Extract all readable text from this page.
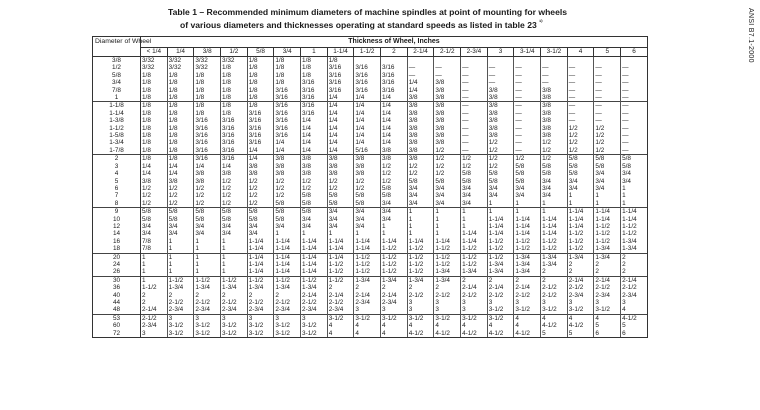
Table 1 – Recommended minimum diameters of machine spindles at point of mounting for wheels
of various diameters and thicknesses operating at standard speeds as listed in table 23 $^{^{1)}}$	ANSI B7.1-2000
Diameter of Wheel	Thickness of Wheel, Inches																		
	< 1/4	1/4	3/8	1/2	5/8	3/4	1	1-1/4	1-1/2	2	2-1/4	2-1/2	2-3/4	3	3-1/4	3-1/2	4	5	6
3/8	3/32	3/32	3/32	3/32	1/8	1/8	1/8	1/8											
1/2	3/32	3/32	3/32	1/8	1/8	1/8	1/8	3/16	3/16	3/16	—	—	—	—	—	—	—	—	—
5/8	1/8	1/8	1/8	1/8	1/8	1/8	1/8	3/16	3/16	3/16	—	—	—	—	—	—	—	—	—
3/4	1/8	1/8	1/8	1/8	1/8	1/8	3/16	3/16	3/16	3/16	1/4	3/8	—	—	—	—	—	—	—
7/8	1/8	1/8	1/8	1/8	1/8	3/16	3/16	3/16	3/16	3/16	1/4	3/8	—	3/8	—	3/8	—	—	—
1	1/8	1/8	1/8	1/8	1/8	3/16	3/16	1/4	1/4	1/4	3/8	3/8	—	3/8	—	3/8	—	—	—
1-1/8	1/8	1/8	1/8	1/8	1/8	3/16	3/16	1/4	1/4	1/4	3/8	3/8	—	3/8	—	3/8	—	—	—
1-1/4	1/8	1/8	1/8	1/8	3/16	3/16	3/16	1/4	1/4	1/4	3/8	3/8	—	3/8	—	3/8	—	—	—
1-3/8	1/8	1/8	3/16	3/16	3/16	3/16	1/4	1/4	1/4	1/4	3/8	3/8	—	3/8	—	3/8	—	—	—
1-1/2	1/8	1/8	3/16	3/16	3/16	3/16	1/4	1/4	1/4	1/4	3/8	3/8	—	3/8	—	3/8	1/2	1/2	—
1-5/8	1/8	1/8	3/16	3/16	3/16	3/16	1/4	1/4	1/4	1/4	3/8	3/8	—	3/8	—	3/8	1/2	1/2	—
1-3/4	1/8	1/8	3/16	3/16	3/16	1/4	1/4	1/4	1/4	1/4	3/8	3/8	—	1/2	—	1/2	1/2	1/2	—
1-7/8	1/8	1/8	3/16	3/16	1/4	1/4	1/4	1/4	5/16	3/8	3/8	1/2	—	1/2	—	1/2	1/2	1/2	—
2	1/8	1/8	3/16	3/16	1/4	3/8	3/8	3/8	3/8	3/8	3/8	1/2	1/2	1/2	1/2	1/2	5/8	5/8	5/8
3	1/4	1/4	1/4	1/4	3/8	3/8	3/8	3/8	3/8	1/2	1/2	1/2	1/2	1/2	5/8	5/8	5/8	5/8	5/8
4	1/4	1/4	3/8	3/8	3/8	3/8	3/8	3/8	3/8	1/2	1/2	1/2	5/8	5/8	5/8	5/8	5/8	3/4	3/4
5	3/8	3/8	3/8	1/2	1/2	1/2	1/2	1/2	1/2	1/2	5/8	5/8	5/8	5/8	5/8	3/4	3/4	3/4	3/4
6	1/2	1/2	1/2	1/2	1/2	1/2	1/2	1/2	1/2	5/8	3/4	3/4	3/4	3/4	3/4	3/4	3/4	3/4	1
7	1/2	1/2	1/2	1/2	1/2	1/2	5/8	5/8	5/8	5/8	3/4	3/4	3/4	3/4	3/4	3/4	1	1	1
8	1/2	1/2	1/2	1/2	1/2	5/8	5/8	5/8	5/8	3/4	3/4	3/4	3/4	1	1	1	1	1	1
9	5/8	5/8	5/8	5/8	5/8	5/8	5/8	3/4	3/4	3/4	1	1	1	1	1	1	1-1/4	1-1/4	1-1/4
10	5/8	5/8	5/8	5/8	5/8	5/8	3/4	3/4	3/4	3/4	1	1	1	1-1/4	1-1/4	1-1/4	1-1/4	1-1/4	1-1/4
12	3/4	3/4	3/4	3/4	3/4	3/4	3/4	3/4	3/4	1	1	1	1	1-1/4	1-1/4	1-1/4	1-1/4	1-1/2	1-1/2
14	3/4	3/4	3/4	3/4	3/4	1	1	1	1	1	1	1	1-1/4	1-1/4	1-1/4	1-1/4	1-1/2	1-1/2	1-1/2
16	7/8	1	1	1	1-1/4	1-1/4	1-1/4	1-1/4	1-1/4	1-1/4	1-1/4	1-1/4	1-1/4	1-1/2	1-1/2	1-1/2	1-1/2	1-1/2	1-3/4
18	7/8	1	1	1	1-1/4	1-1/4	1-1/4	1-1/4	1-1/4	1-1/2	1-1/2	1-1/2	1-1/2	1-1/2	1-1/2	1-1/2	1-1/2	1-3/4	1-3/4
20	1	1	1	1	1-1/4	1-1/4	1-1/4	1-1/4	1-1/2	1-1/2	1-1/2	1-1/2	1-1/2	1-1/2	1-3/4	1-3/4	1-3/4	1-3/4	2
24	1	1	1	1	1-1/4	1-1/4	1-1/4	1-1/2	1-1/2	1-1/2	1-1/2	1-1/2	1-1/2	1-3/4	1-3/4	1-3/4	2	2	2
26	1	1	1	1	1-1/4	1-1/4	1-1/4	1-1/2	1-1/2	1-1/2	1-1/2	1-3/4	1-3/4	1-3/4	1-3/4	2	2	2	2
30	1	1-1/2	1-1/2	1-1/2	1-1/2	1-1/2	1-1/2	1-1/2	1-3/4	1-3/4	1-3/4	1-3/4	2	2	2	2	2-1/4	2-1/4	2-1/4
36	1-1/2	1-3/4	1-3/4	1-3/4	1-3/4	1-3/4	1-3/4	2	2	2	2	2	2-1/4	2-1/4	2-1/4	2-1/2	2-1/2	2-1/2	2-1/2
40	2	2	2	2	2	2	2-1/4	2-1/4	2-1/4	2-1/4	2-1/2	2-1/2	2-1/2	2-1/2	2-1/2	2-1/2	2-3/4	2-3/4	2-3/4
44	2	2-1/2	2-1/2	2-1/2	2-1/2	2-1/2	2-1/2	2-1/2	2-3/4	2-3/4	3	3	3	3	3	3	3	3	3
48	2-1/4	2-3/4	2-3/4	2-3/4	2-3/4	2-3/4	2-3/4	2-3/4	3	3	3	3	3	3-1/2	3-1/2	3-1/2	3-1/2	3-1/2	4
53	2-1/2	3	3	3	3	3	3	3-1/2	3-1/2	3-1/2	3-1/2	3-1/2	3-1/2	3-1/2	4	4	4	4	4-1/2
60	2-3/4	3-1/2	3-1/2	3-1/2	3-1/2	3-1/2	3-1/2	4	4	4	4	4	4	4	4	4-1/2	4-1/2	5	5
72	3	3-1/2	3-1/2	3-1/2	3-1/2	3-1/2	3-1/2	4	4	4	4-1/2	4-1/2	4-1/2	4-1/2	4-1/2	5	5	6	6
